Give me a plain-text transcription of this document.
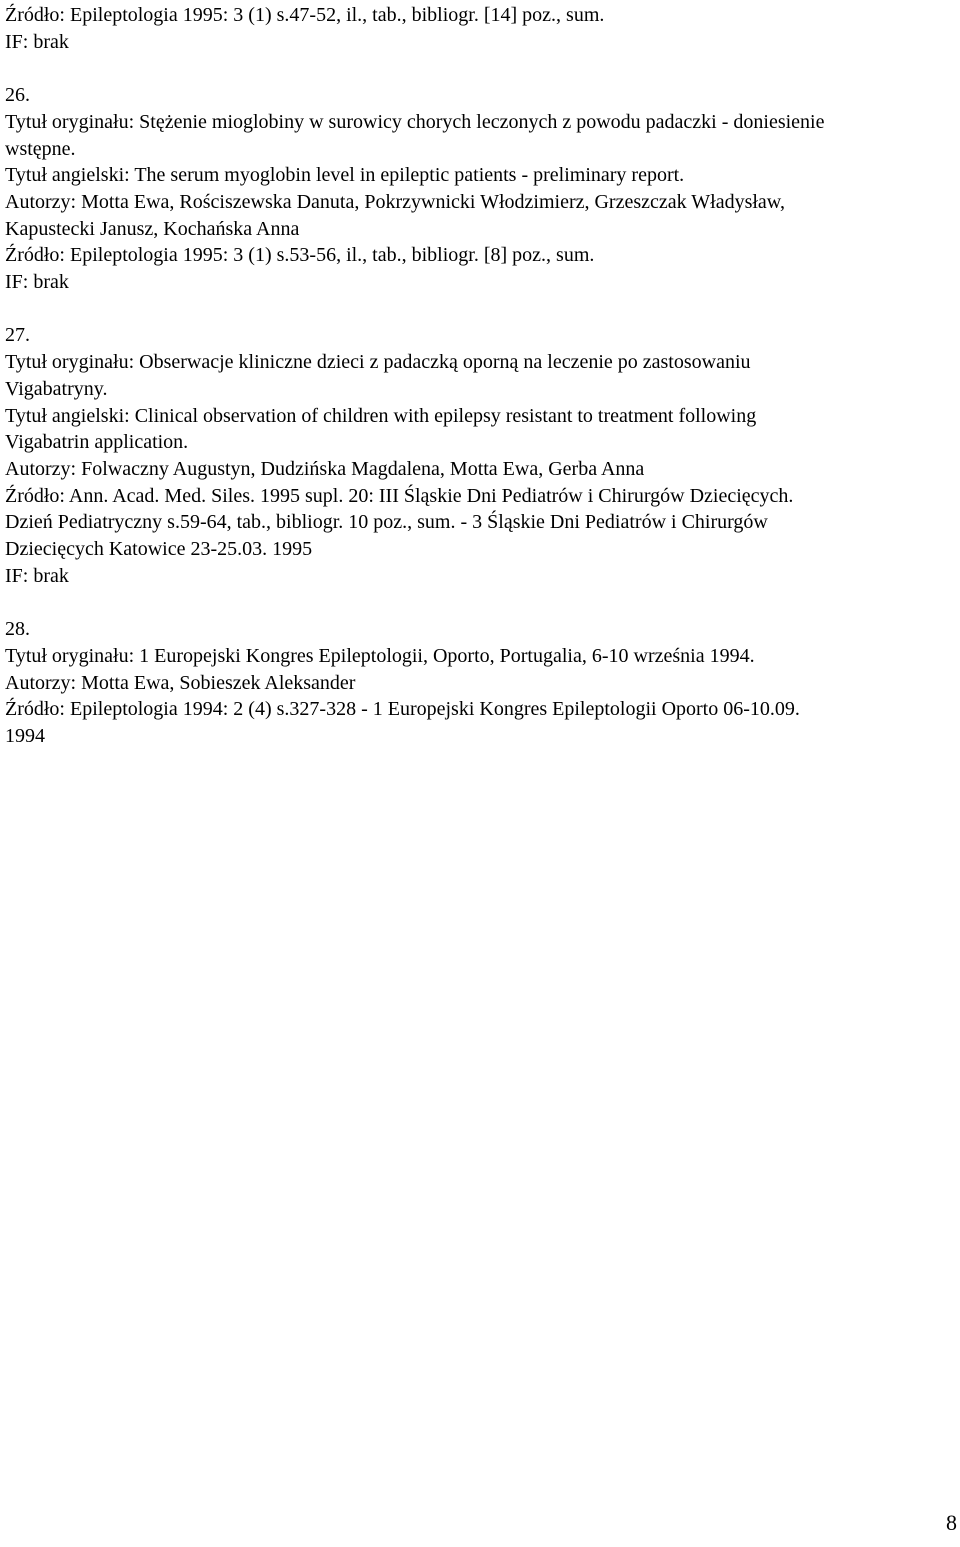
Źródło: Epileptologia 1995: 3 (1) s.47-52, il., tab., bibliogr. [14] poz., sum.
IF: brak
26.
Tytuł oryginału: Stężenie mioglobiny w surowicy chorych leczonych z powodu padaczki - doniesienie
wstępne.
Tytuł angielski: The serum myoglobin level in epileptic patients - preliminary report.
Autorzy: Motta Ewa, Rościszewska Danuta, Pokrzywnicki Włodzimierz, Grzeszczak Władysław,
Kapustecki Janusz, Kochańska Anna
Źródło: Epileptologia 1995: 3 (1) s.53-56, il., tab., bibliogr. [8] poz., sum.
IF: brak
27.
Tytuł oryginału: Obserwacje kliniczne dzieci z padaczką oporną na leczenie po zastosowaniu
Vigabatryny.
Tytuł angielski: Clinical observation of children with epilepsy resistant to treatment following
Vigabatrin application.
Autorzy: Folwaczny Augustyn, Dudzińska Magdalena, Motta Ewa, Gerba Anna
Źródło: Ann. Acad. Med. Siles. 1995 supl. 20: III Śląskie Dni Pediatrów i Chirurgów Dziecięcych.
Dzień Pediatryczny s.59-64, tab., bibliogr. 10 poz., sum. - 3 Śląskie Dni Pediatrów i Chirurgów
Dziecięcych Katowice 23-25.03. 1995
IF: brak
28.
Tytuł oryginału: 1 Europejski Kongres Epileptologii, Oporto, Portugalia, 6-10 września 1994.
Autorzy: Motta Ewa, Sobieszek Aleksander
Źródło: Epileptologia 1994: 2 (4) s.327-328 - 1 Europejski Kongres Epileptologii Oporto 06-10.09.
1994
8
